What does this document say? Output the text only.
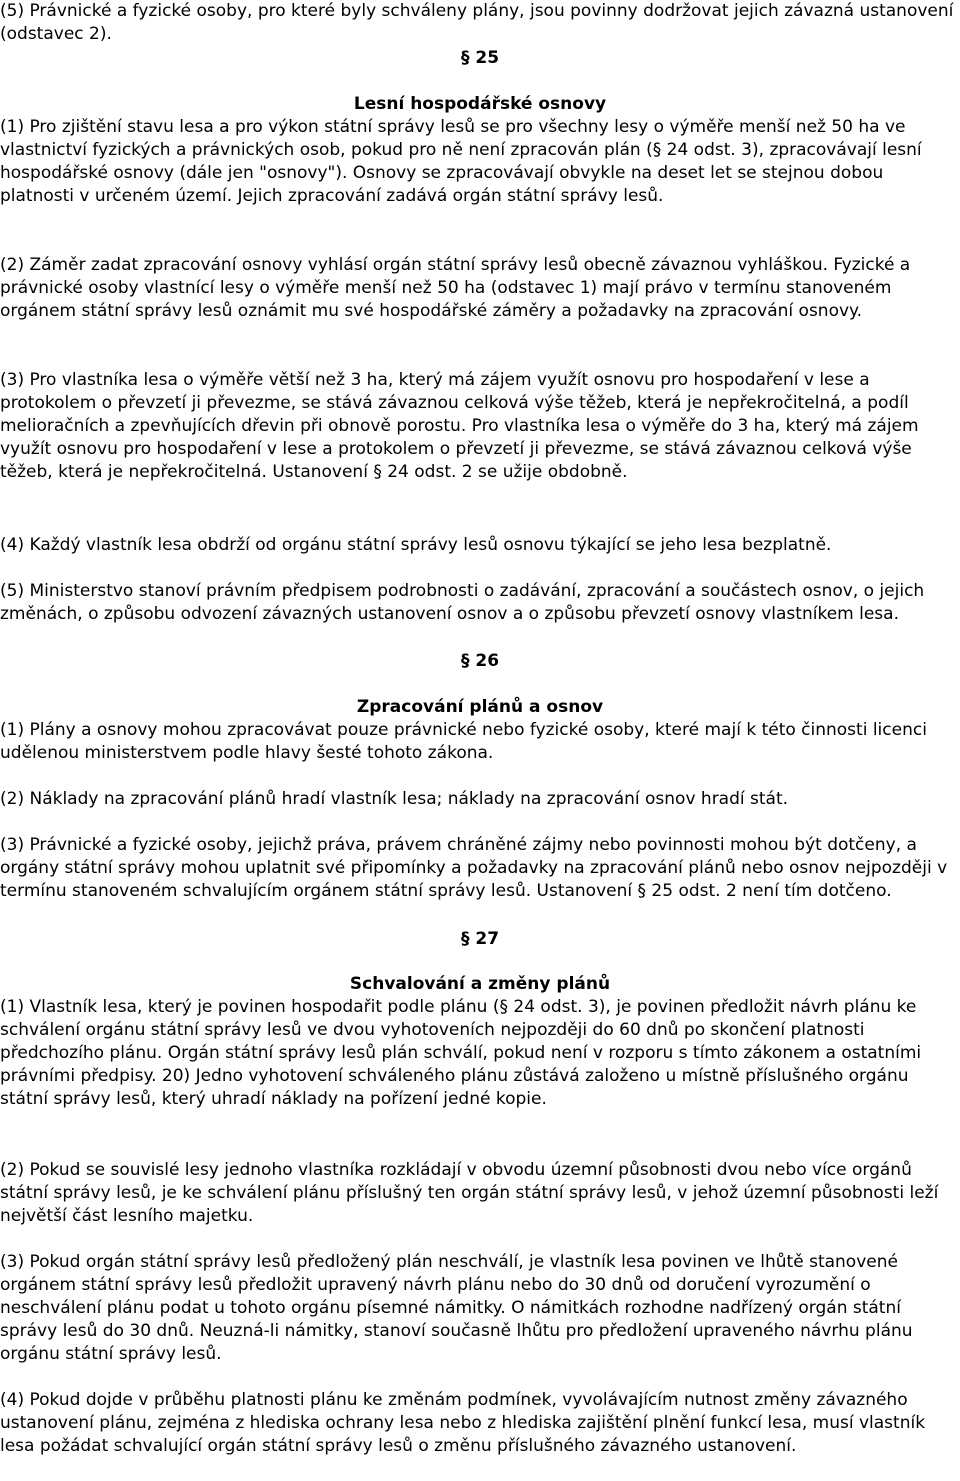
(5) Právnické a fyzické osoby, pro které byly schváleny plány, jsou povinny dodržovat jejich závazná ustanovení (odstavec 2).

§ 25

Lesní hospodářské osnovy

(1) Pro zjištění stavu lesa a pro výkon státní správy lesů se pro všechny lesy o výměře menší než 50 ha ve vlastnictví fyzických a právnických osob, pokud pro ně není zpracován plán (§ 24 odst. 3), zpracovávají lesní hospodářské osnovy (dále jen "osnovy"). Osnovy se zpracovávají obvykle na deset let se stejnou dobou platnosti v určeném území. Jejich zpracování zadává orgán státní správy lesů.

(2) Záměr zadat zpracování osnovy vyhlásí orgán státní správy lesů obecně závaznou vyhláškou. Fyzické a právnické osoby vlastnící lesy o výměře menší než 50 ha (odstavec 1) mají právo v termínu stanoveném orgánem státní správy lesů oznámit mu své hospodářské záměry a požadavky na zpracování osnovy.

(3) Pro vlastníka lesa o výměře větší než 3 ha, který má zájem využít osnovu pro hospodaření v lese a protokolem o převzetí ji převezme, se stává závaznou celková výše těžeb, která je nepřekročitelná, a podíl melioračních a zpevňujících dřevin při obnově porostu. Pro vlastníka lesa o výměře do 3 ha, který má zájem využít osnovu pro hospodaření v lese a protokolem o převzetí ji převezme, se stává závaznou celková výše těžeb, která je nepřekročitelná. Ustanovení § 24 odst. 2 se užije obdobně.

(4) Každý vlastník lesa obdrží od orgánu státní správy lesů osnovu týkající se jeho lesa bezplatně.

(5) Ministerstvo stanoví právním předpisem podrobnosti o zadávání, zpracování a součástech osnov, o jejich změnách, o způsobu odvození závazných ustanovení osnov a o způsobu převzetí osnovy vlastníkem lesa.

§ 26

Zpracování plánů a osnov

(1) Plány a osnovy mohou zpracovávat pouze právnické nebo fyzické osoby, které mají k této činnosti licenci udělenou ministerstvem podle hlavy šesté tohoto zákona.

(2) Náklady na zpracování plánů hradí vlastník lesa; náklady na zpracování osnov hradí stát.

(3) Právnické a fyzické osoby, jejichž práva, právem chráněné zájmy nebo povinnosti mohou být dotčeny, a orgány státní správy mohou uplatnit své připomínky a požadavky na zpracování plánů nebo osnov nejpozději v termínu stanoveném schvalujícím orgánem státní správy lesů. Ustanovení § 25 odst. 2 není tím dotčeno.

§ 27

Schvalování a změny plánů

(1) Vlastník lesa, který je povinen hospodařit podle plánu (§ 24 odst. 3), je povinen předložit návrh plánu ke schválení orgánu státní správy lesů ve dvou vyhotoveních nejpozději do 60 dnů po skončení platnosti předchozího plánu. Orgán státní správy lesů plán schválí, pokud není v rozporu s tímto zákonem a ostatními právními předpisy. 20) Jedno vyhotovení schváleného plánu zůstává založeno u místně příslušného orgánu státní správy lesů, který uhradí náklady na pořízení jedné kopie.

(2) Pokud se souvislé lesy jednoho vlastníka rozkládají v obvodu územní působnosti dvou nebo více orgánů státní správy lesů, je ke schválení plánu příslušný ten orgán státní správy lesů, v jehož územní působnosti leží největší část lesního majetku.

(3) Pokud orgán státní správy lesů předložený plán neschválí, je vlastník lesa povinen ve lhůtě stanovené orgánem státní správy lesů předložit upravený návrh plánu nebo do 30 dnů od doručení vyrozumění o neschválení plánu podat u tohoto orgánu písemné námitky. O námitkách rozhodne nadřízený orgán státní správy lesů do 30 dnů. Neuzná-li námitky, stanoví současně lhůtu pro předložení upraveného návrhu plánu orgánu státní správy lesů.

(4) Pokud dojde v průběhu platnosti plánu ke změnám podmínek, vyvolávajícím nutnost změny závazného ustanovení plánu, zejména z hlediska ochrany lesa nebo z hlediska zajištění plnění funkcí lesa, musí vlastník lesa požádat schvalující orgán státní správy lesů o změnu příslušného závazného ustanovení.
